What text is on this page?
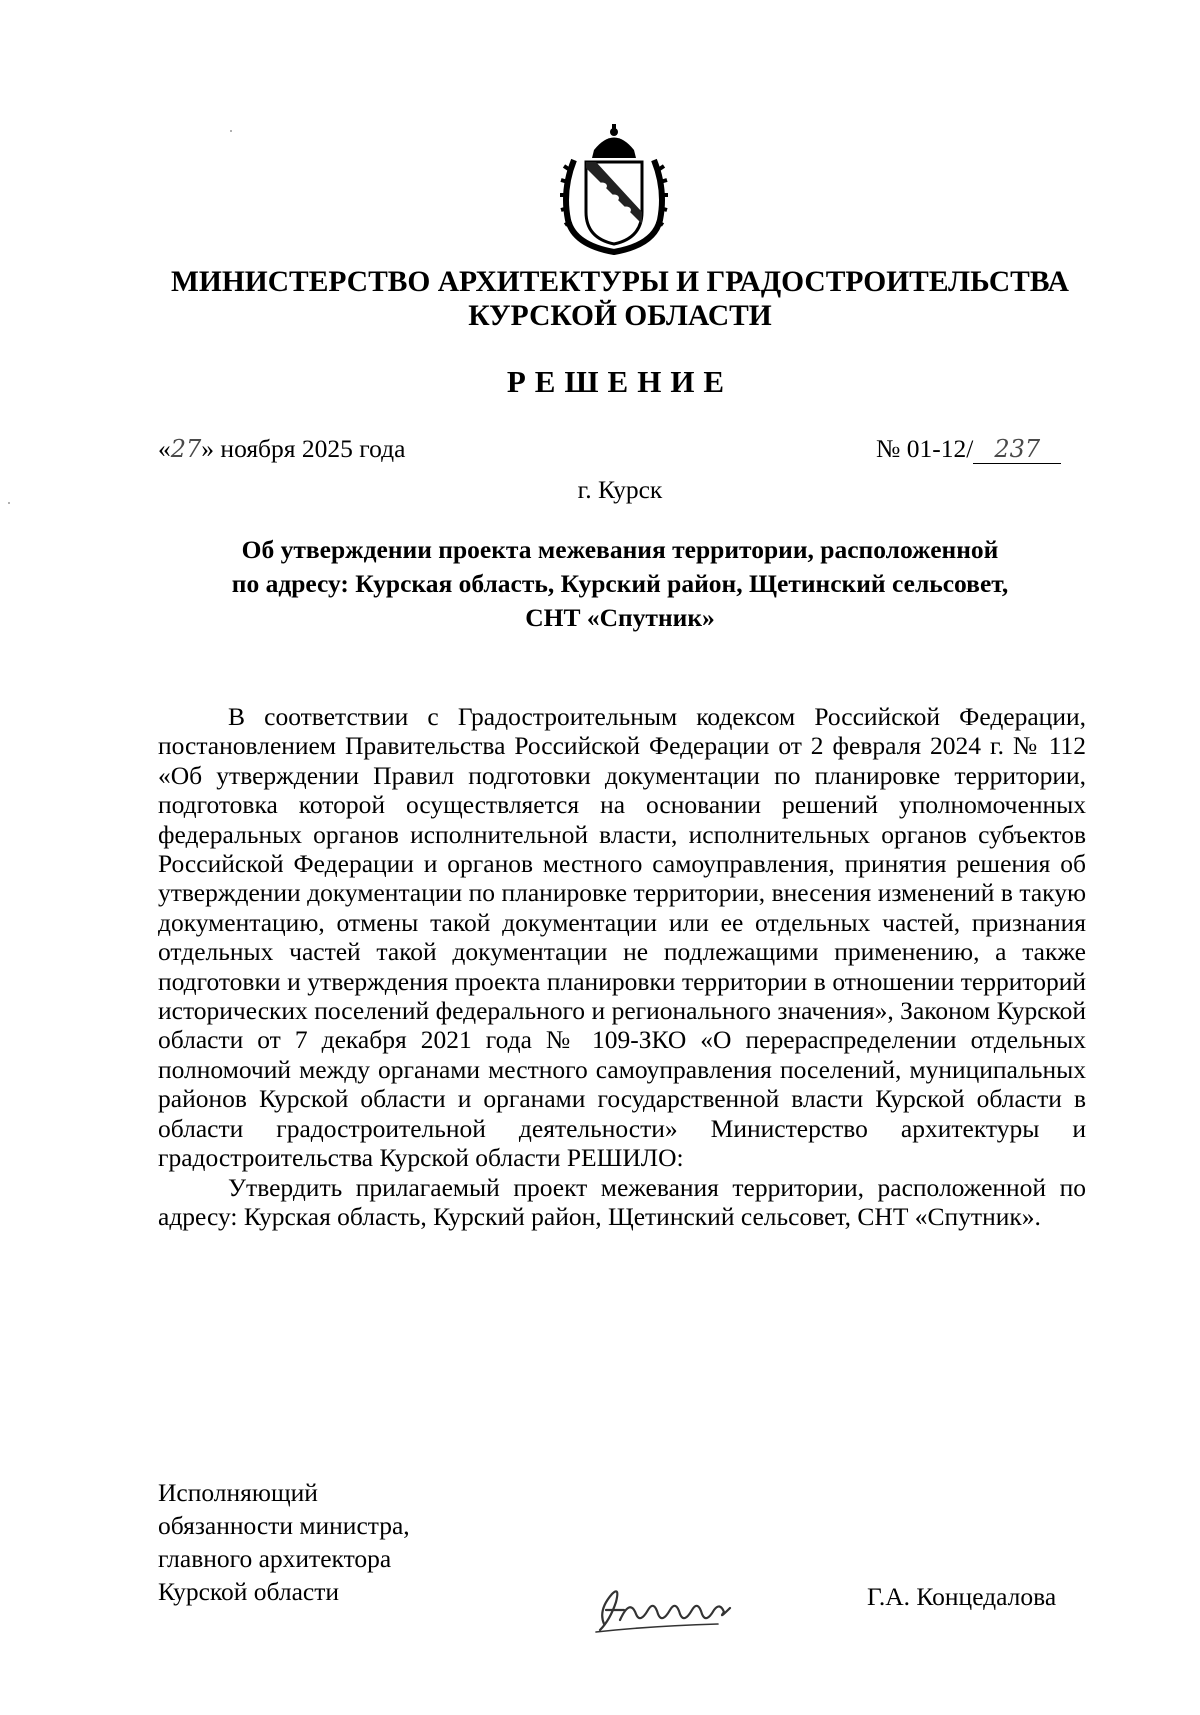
МИНИСТЕРСТВО АРХИТЕКТУРЫ И ГРАДОСТРОИТЕЛЬСТВА
КУРСКОЙ ОБЛАСТИ
РЕШЕНИЕ
«27» ноября 2025 года	№ 01-12/ 237
г. Курск
Об утверждении проекта межевания территории, расположенной
по адресу: Курская область, Курский район, Щетинский сельсовет,
СНТ «Спутник»

В соответствии с Градостроительным кодексом Российской Федерации, постановлением Правительства Российской Федерации от 2 февраля 2024 г. № 112 «Об утверждении Правил подготовки документации по планировке территории, подготовка которой осуществляется на основании решений уполномоченных федеральных органов исполнительной власти, исполнительных органов субъектов Российской Федерации и органов местного самоуправления, принятия решения об утверждении документации по планировке территории, внесения изменений в такую документацию, отмены такой документации или ее отдельных частей, признания отдельных частей такой документации не подлежащими применению, а также подготовки и утверждения проекта планировки территории в отношении территорий исторических поселений федерального и регионального значения», Законом Курской области от 7 декабря 2021 года № 109-ЗКО «О перераспределении отдельных полномочий между органами местного самоуправления поселений, муниципальных районов Курской области и органами государственной власти Курской области в области градостроительной деятельности» Министерство архитектуры и градостроительства Курской области РЕШИЛО:

Утвердить прилагаемый проект межевания территории, расположенной по адресу: Курская область, Курский район, Щетинский сельсовет, СНТ «Спутник».

Исполняющий
обязанности министра,
главного архитектора
Курской области	Г.А. Концедалова
